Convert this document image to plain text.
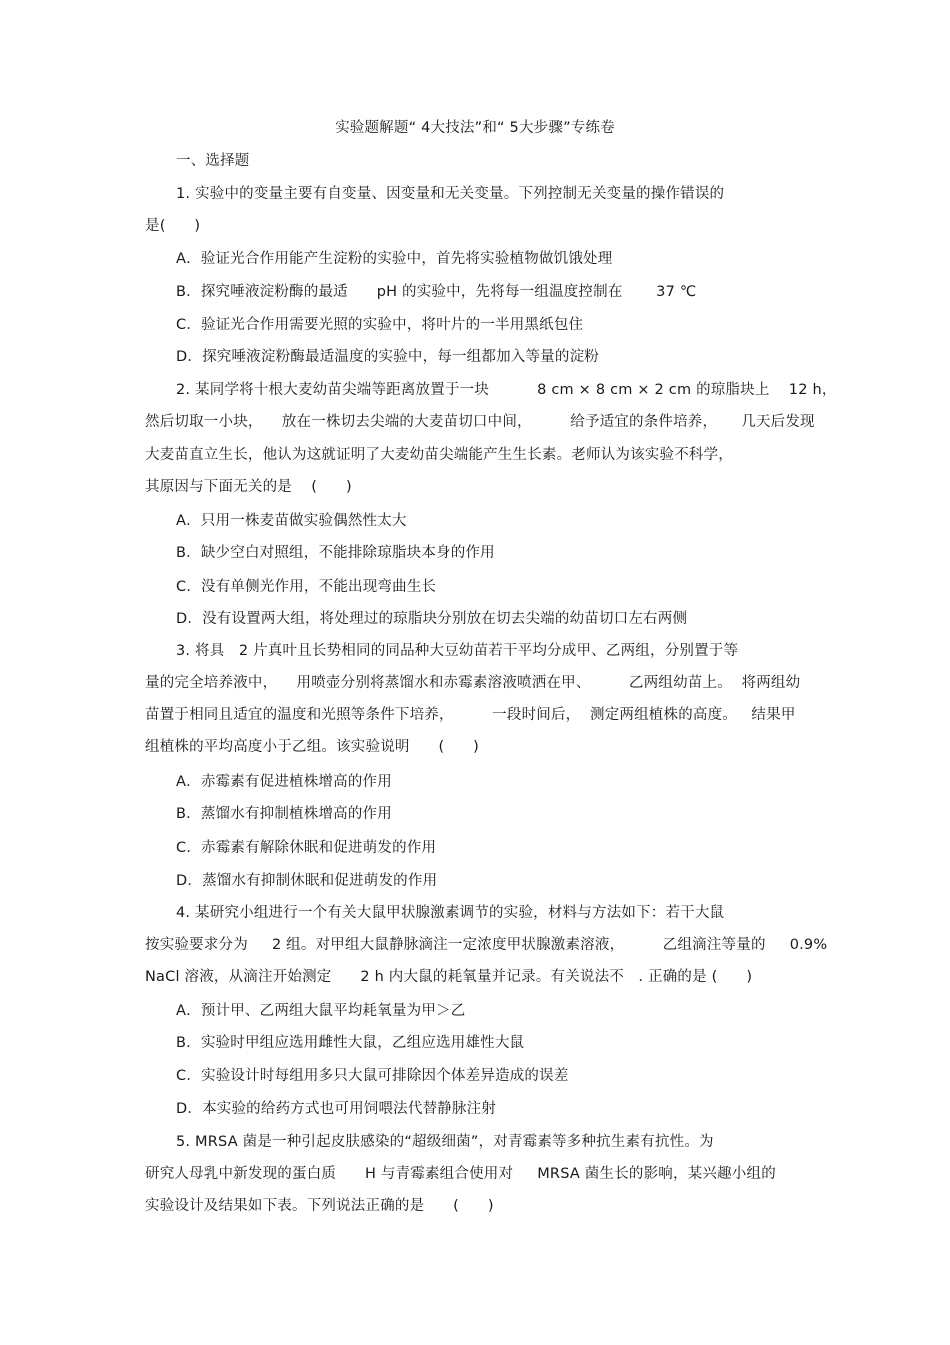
实验题解题“ 4大技法”和“ 5大步骤”专练卷
一、选择题
1. 实验中的变量主要有自变量、因变量和无关变量。下列控制无关变量的操作错误的
是(      )
A．验证光合作用能产生淀粉的实验中，首先将实验植物做饥饿处理
B．探究唾液淀粉酶的最适      pH 的实验中，先将每一组温度控制在       37 ℃
C．验证光合作用需要光照的实验中，将叶片的一半用黑纸包住
D．探究唾液淀粉酶最适温度的实验中，每一组都加入等量的淀粉
2. 某同学将十根大麦幼苗尖端等距离放置于一块          8 cm × 8 cm × 2 cm 的琼脂块上    12 h，
然后切取一小块，    放在一株切去尖端的大麦苗切口中间，        给予适宜的条件培养，     几天后发现
大麦苗直立生长，他认为这就证明了大麦幼苗尖端能产生生长素。老师认为该实验不科学，
其原因与下面无关的是    (      )
A．只用一株麦苗做实验偶然性太大
B．缺少空白对照组，不能排除琼脂块本身的作用
C．没有单侧光作用，不能出现弯曲生长
D．没有设置两大组，将处理过的琼脂块分别放在切去尖端的幼苗切口左右两侧
3. 将具   2 片真叶且长势相同的同品种大豆幼苗若干平均分成甲、乙两组，分别置于等
量的完全培养液中，    用喷壶分别将蒸馏水和赤霉素溶液喷洒在甲、        乙两组幼苗上。  将两组幼
苗置于相同且适宜的温度和光照等条件下培养，        一段时间后，  测定两组植株的高度。   结果甲
组植株的平均高度小于乙组。该实验说明      (      )
A．赤霉素有促进植株增高的作用
B．蒸馏水有抑制植株增高的作用
C．赤霉素有解除休眠和促进萌发的作用
D．蒸馏水有抑制休眠和促进萌发的作用
4. 某研究小组进行一个有关大鼠甲状腺激素调节的实验，材料与方法如下：若干大鼠
按实验要求分为     2 组。对甲组大鼠静脉滴注一定浓度甲状腺激素溶液，        乙组滴注等量的     0.9%
NaCl 溶液，从滴注开始测定      2 h 内大鼠的耗氧量并记录。有关说法不   . 正确的是 (      )
A．预计甲、乙两组大鼠平均耗氧量为甲＞乙
B．实验时甲组应选用雌性大鼠，乙组应选用雄性大鼠
C．实验设计时每组用多只大鼠可排除因个体差异造成的误差
D．本实验的给药方式也可用饲喂法代替静脉注射
5. MRSA 菌是一种引起皮肤感染的“超级细菌”，对青霉素等多种抗生素有抗性。为
研究人母乳中新发现的蛋白质      H 与青霉素组合使用对     MRSA 菌生长的影响，某兴趣小组的
实验设计及结果如下表。下列说法正确的是      (      )
